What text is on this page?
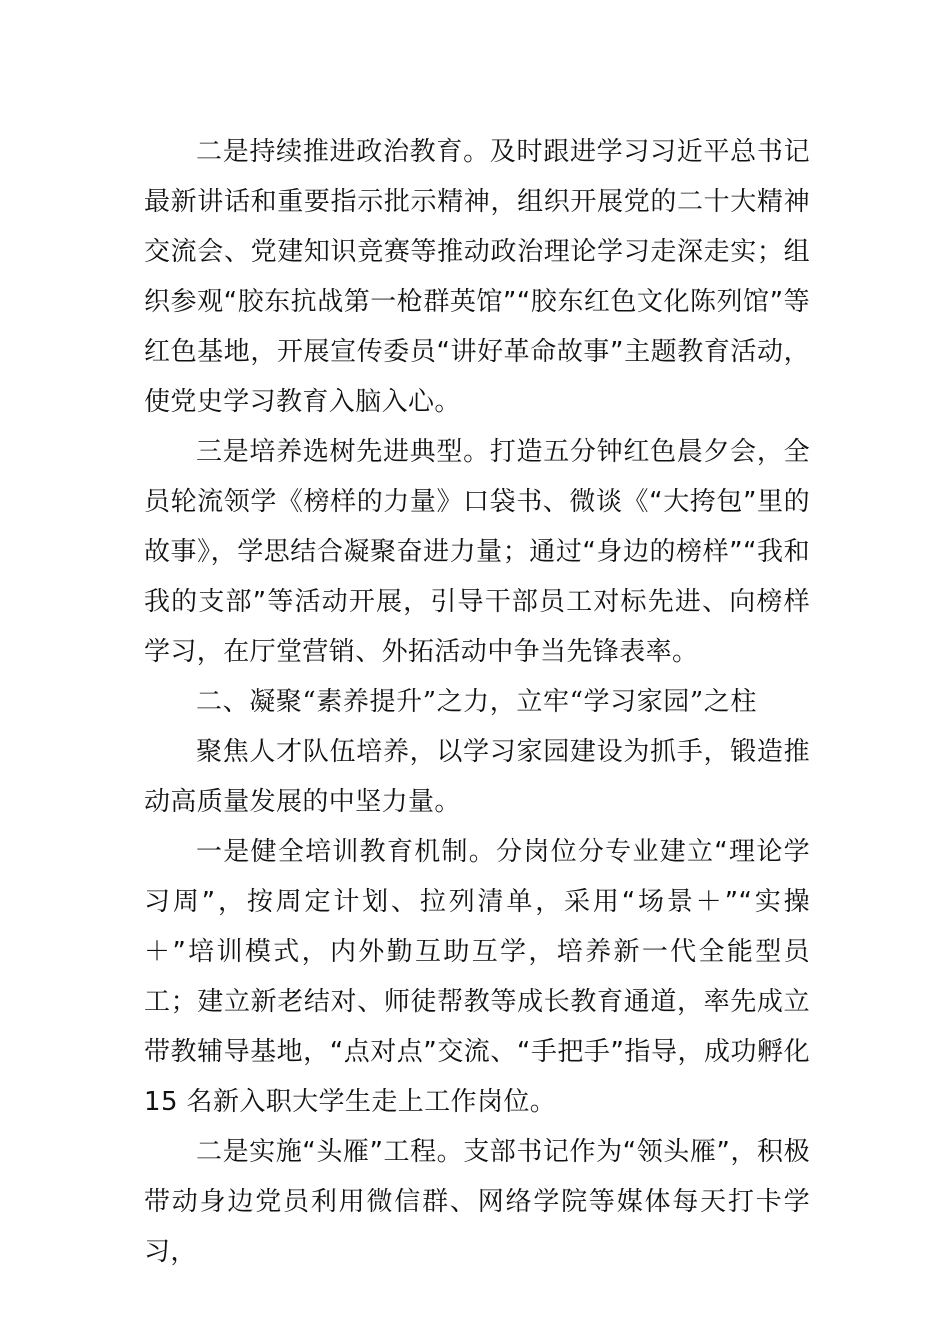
二是持续推进政治教育。及时跟进学习习近平总书记最新讲话和重要指示批示精神，组织开展党的二十大精神交流会、党建知识竞赛等推动政治理论学习走深走实；组织参观“胶东抗战第一枪群英馆”“胶东红色文化陈列馆”等红色基地，开展宣传委员“讲好革命故事”主题教育活动，使党史学习教育入脑入心。

三是培养选树先进典型。打造五分钟红色晨夕会，全员轮流领学《榜样的力量》口袋书、微谈《“大挎包”里的故事》，学思结合凝聚奋进力量；通过“身边的榜样”“我和我的支部”等活动开展，引导干部员工对标先进、向榜样学习，在厅堂营销、外拓活动中争当先锋表率。

二、凝聚“素养提升”之力，立牢“学习家园”之柱

聚焦人才队伍培养，以学习家园建设为抓手，锻造推动高质量发展的中坚力量。

一是健全培训教育机制。分岗位分专业建立“理论学习周”，按周定计划、拉列清单，采用“场景＋”“实操＋”培训模式，内外勤互助互学，培养新一代全能型员工；建立新老结对、师徒帮教等成长教育通道，率先成立带教辅导基地，“点对点”交流、“手把手”指导，成功孵化 15 名新入职大学生走上工作岗位。

二是实施“头雁”工程。支部书记作为“领头雁”，积极带动身边党员利用微信群、网络学院等媒体每天打卡学习，
